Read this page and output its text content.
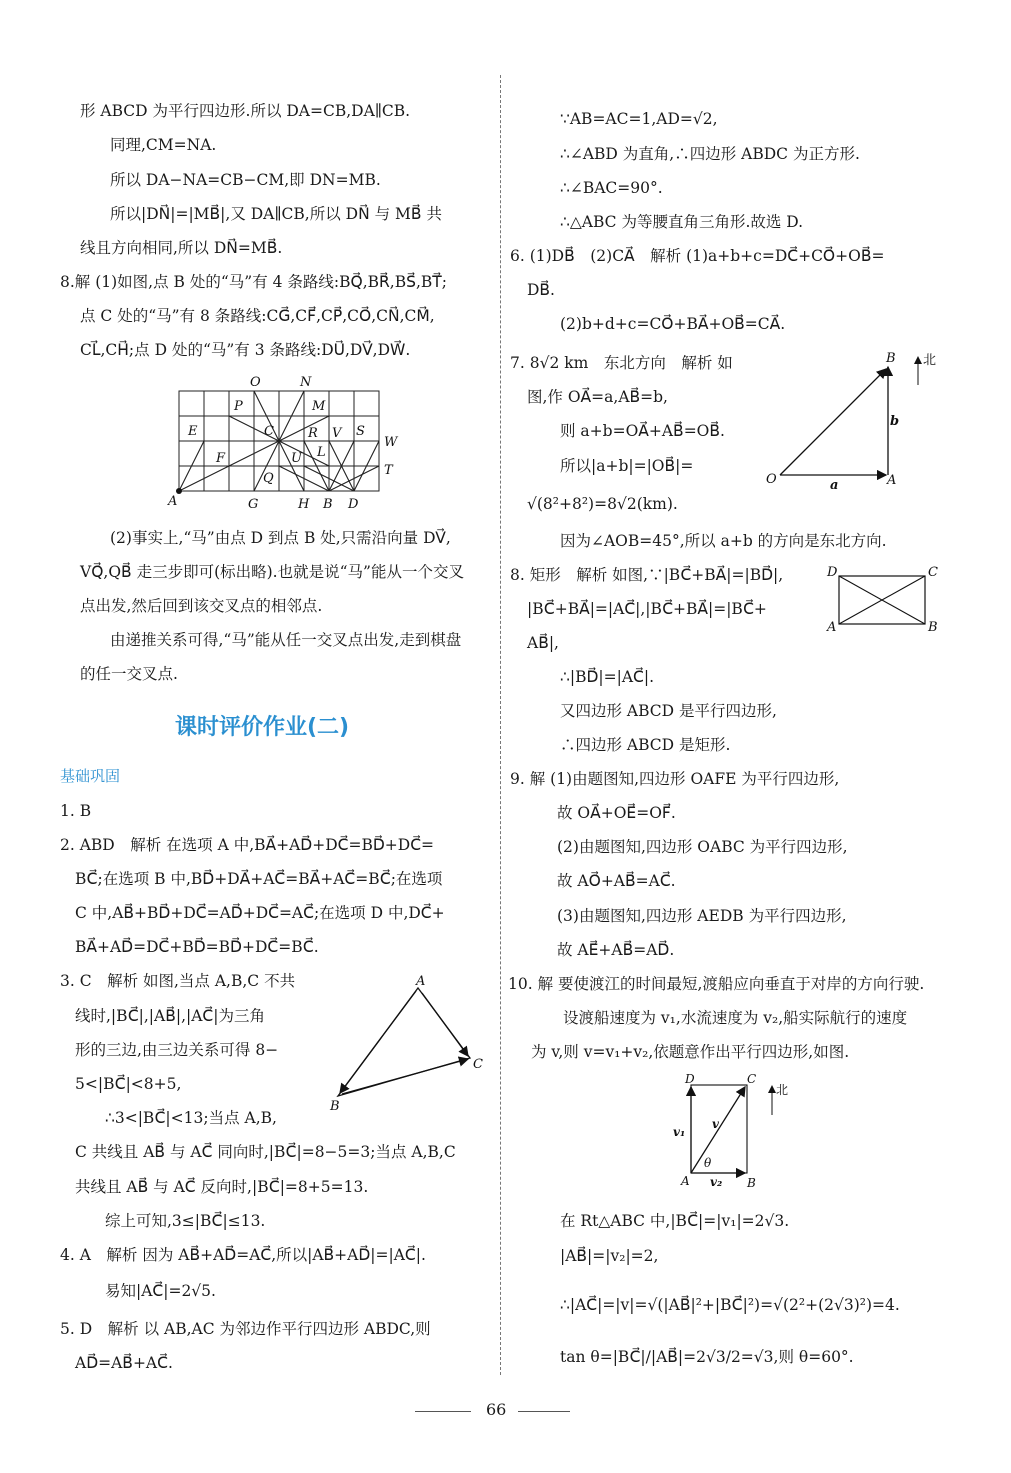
形 ABCD 为平行四边形.所以 DA=CB,DA∥CB.
同理,CM=NA.
所以 DA−NA=CB−CM,即 DN=MB.
所以|DN⃗|=|MB⃗|,又 DA∥CB,所以 DN⃗ 与 MB⃗ 共
线且方向相同,所以 DN⃗=MB⃗.
8.解 (1)如图,点 B 处的“马”有 4 条路线:BQ⃗,BR⃗,BS⃗,BT⃗;
点 C 处的“马”有 8 条路线:CG⃗,CF⃗,CP⃗,CO⃗,CN⃗,CM⃗,
CL⃗,CH⃗;点 D 处的“马”有 3 条路线:DU⃗,DV⃗,DW⃗.
(2)事实上,“马”由点 D 到点 B 处,只需沿向量 DV⃗,
VQ⃗,QB⃗ 走三步即可(标出略).也就是说“马”能从一个交叉
点出发,然后回到该交叉点的相邻点.
由递推关系可得,“马”能从任一交叉点出发,走到棋盘
的任一交叉点.
1. B
2. ABD　解析 在选项 A 中,BA⃗+AD⃗+DC⃗=BD⃗+DC⃗=
BC⃗;在选项 B 中,BD⃗+DA⃗+AC⃗=BA⃗+AC⃗=BC⃗;在选项
C 中,AB⃗+BD⃗+DC⃗=AD⃗+DC⃗=AC⃗;在选项 D 中,DC⃗+
BA⃗+AD⃗=DC⃗+BD⃗=BD⃗+DC⃗=BC⃗.
3. C　解析 如图,当点 A,B,C 不共
线时,|BC⃗|,|AB⃗|,|AC⃗|为三角
形的三边,由三边关系可得 8−
5<|BC⃗|<8+5,
∴3<|BC⃗|<13;当点 A,B,
C 共线且 AB⃗ 与 AC⃗ 同向时,|BC⃗|=8−5=3;当点 A,B,C
共线且 AB⃗ 与 AC⃗ 反向时,|BC⃗|=8+5=13.
综上可知,3≤|BC⃗|≤13.
4. A　解析 因为 AB⃗+AD⃗=AC⃗,所以|AB⃗+AD⃗|=|AC⃗|.
易知|AC⃗|=2√5.
5. D　解析 以 AB,AC 为邻边作平行四边形 ABDC,则
AD⃗=AB⃗+AC⃗.
∵AB=AC=1,AD=√2,
∴∠ABD 为直角,∴四边形 ABDC 为正方形.
∴∠BAC=90°.
∴△ABC 为等腰直角三角形.故选 D.
6. (1)DB⃗　(2)CA⃗　解析 (1)a+b+c=DC⃗+CO⃗+OB⃗=
DB⃗.
(2)b+d+c=CO⃗+BA⃗+OB⃗=CA⃗.
7. 8√2 km　东北方向　解析 如
图,作 OA⃗=a,AB⃗=b,
则 a+b=OA⃗+AB⃗=OB⃗.
所以|a+b|=|OB⃗|=
√(8²+8²)=8√2(km).
因为∠AOB=45°,所以 a+b 的方向是东北方向.
8. 矩形　解析 如图,∵|BC⃗+BA⃗|=|BD⃗|,
|BC⃗+BA⃗|=|AC⃗|,|BC⃗+BA⃗|=|BC⃗+
AB⃗|,
∴|BD⃗|=|AC⃗|.
又四边形 ABCD 是平行四边形,
∴四边形 ABCD 是矩形.
9. 解 (1)由题图知,四边形 OAFE 为平行四边形,
故 OA⃗+OE⃗=OF⃗.
(2)由题图知,四边形 OABC 为平行四边形,
故 AO⃗+AB⃗=AC⃗.
(3)由题图知,四边形 AEDB 为平行四边形,
故 AE⃗+AB⃗=AD⃗.
10. 解 要使渡江的时间最短,渡船应向垂直于对岸的方向行驶.
设渡船速度为 v₁,水流速度为 v₂,船实际航行的速度
为 v,则 v=v₁+v₂,依题意作出平行四边形,如图.
在 Rt△ABC 中,|BC⃗|=|v₁|=2√3.
|AB⃗|=|v₂|=2,
∴|AC⃗|=|v|=√(|AB⃗|²+|BC⃗|²)=√(2²+(2√3)²)=4.
tan θ=|BC⃗|/|AB⃗|=2√3/2=√3,则 θ=60°.
课时评价作业(二)
基础巩固
O	N
P	M
E	C	R V S
W
F	U L
T
Q
A	G	H B D
B 北
b
O	a	A
D	C
A	B
A
C
B
D	C
北
v₁
v
θ
A v₂ B
66
